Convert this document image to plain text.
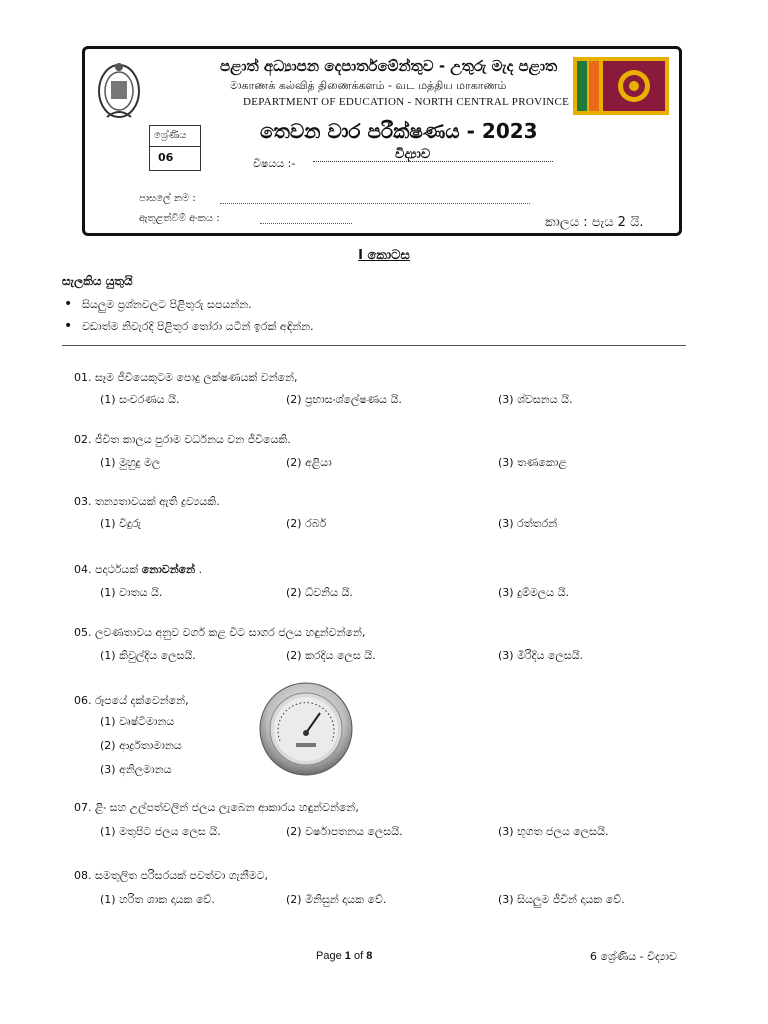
පළාත් අධ්‍යාපන දෙපාර්තමේන්තුව - උතුරු මැද පළාත
මාகாணக் கல்வித் திணைக்களம் - வட மத்திய மாகாணம்
DEPARTMENT OF EDUCATION - NORTH CENTRAL PROVINCE
ශ්‍රේණිය
06
තෙවන වාර පරීක්ෂණය - 2023
විෂයය :-
විද්‍යාව
පාසලේ නම :
ඇතුළත්වීම් අංකය :	කාලය : පැය 2 යි.
I කොටස
සැලකිය යුතුයි
• සියලුම ප්‍රශ්නවලට පිළිතුරු සපයන්න.
• වඩාත්ම නිවැරදි පිළිතුර තෝරා යටින් ඉරක් අඳින්න.
01. සෑම ජීවියෙකුටම පොදු ලක්ෂණයක් වන්නේ,
(1) සංචරණය යි.	(2) ප්‍රභාසංශ්ලේෂණය යි.	(3) ශ්වසනය යි.
02. ජීවිත කාලය පුරාම වර්ධනය වන ජීවියෙකි.
(1) මුහුදු මල	(2) අළියා	(3) තණකොළ
03. තන්‍යතාවයක් ඇති ද්‍රව්‍යයකි.
(1) වීදුරු	(2) රබර්	(3) රත්තරන්
04. පදාර්ථයක් නොවන්නේ .
(1) වාතය යි.	(2) ධ්වනිය යි.	(3) දුම්මලය යි.
05. ලවණතාවය අනුව වර්ග කළ විට සාගර ජලය හඳුන්වන්නේ,
(1) කිවුල්දිය ලෙසයි.	(2) කරදිය ලෙස යි.	(3) මිරිදිය ලෙසයි.
06. රූපයේ දක්වෙන්නේ,
(1) වෘෂ්ටිමානය
(2) ආර්ද්‍රතාමානය
(3) අනිලමානය
07. ළිං සහ උල්පත්වලින් ජලය ලැබෙන ආකාරය හඳුන්වන්නේ,
(1) මතුපිට ජලය ලෙස යි.	(2) වර්ෂාපතනය ලෙසයි.	(3) භූගත ජලය ලෙසයි.
08. සමතුලිත පරිසරයක් පවත්වා ගැනීමට,
(1) හරිත ශාක දායක වේ.	(2) මිනිසුන් දායක වේ.	(3) සියලුම ජීවීන් දායක වේ.
Page 1 of 8	6 ශ්‍රේණිය - විද්‍යාව
